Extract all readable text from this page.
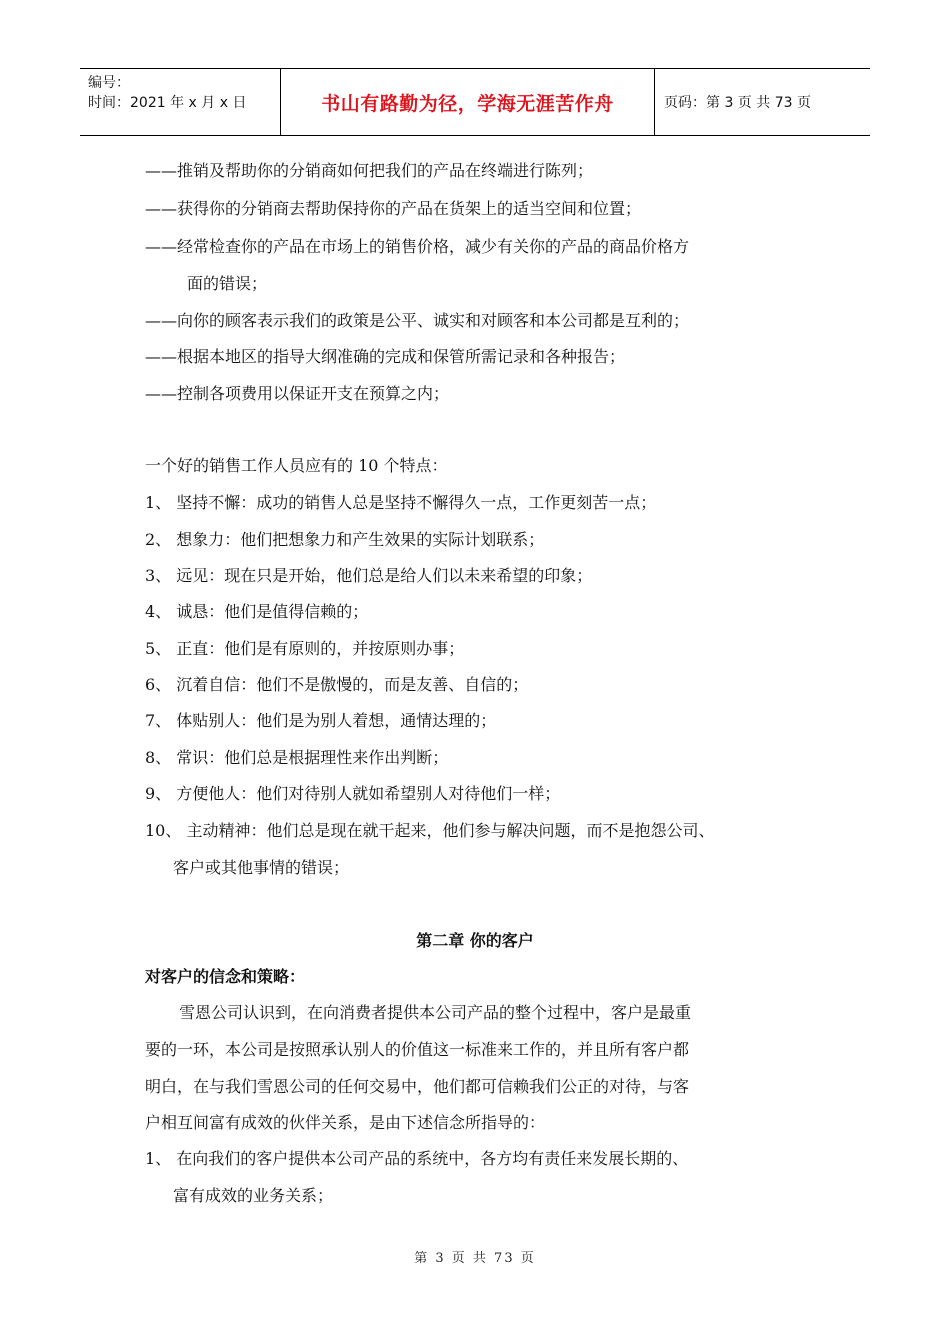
编号：
时间：2021 年 x 月 x 日	书山有路勤为径，学海无涯苦作舟	页码：第 3 页 共 73 页
——推销及帮助你的分销商如何把我们的产品在终端进行陈列；
——获得你的分销商去帮助保持你的产品在货架上的适当空间和位置；
——经常检查你的产品在市场上的销售价格，减少有关你的产品的商品价格方
面的错误；
——向你的顾客表示我们的政策是公平、诚实和对顾客和本公司都是互利的；
——根据本地区的指导大纲准确的完成和保管所需记录和各种报告；
——控制各项费用以保证开支在预算之内；
一个好的销售工作人员应有的 10 个特点：
1、 坚持不懈：成功的销售人总是坚持不懈得久一点，工作更刻苦一点；
2、 想象力：他们把想象力和产生效果的实际计划联系；
3、 远见：现在只是开始，他们总是给人们以未来希望的印象；
4、 诚恳：他们是值得信赖的；
5、 正直：他们是有原则的，并按原则办事；
6、 沉着自信：他们不是傲慢的，而是友善、自信的；
7、 体贴别人：他们是为别人着想，通情达理的；
8、 常识：他们总是根据理性来作出判断；
9、 方便他人：他们对待别人就如希望别人对待他们一样；
10、 主动精神：他们总是现在就干起来，他们参与解决问题，而不是抱怨公司、
客户或其他事情的错误；
第二章 你的客户
对客户的信念和策略：
雪恩公司认识到，在向消费者提供本公司产品的整个过程中，客户是最重
要的一环，本公司是按照承认别人的价值这一标准来工作的，并且所有客户都
明白，在与我们雪恩公司的任何交易中，他们都可信赖我们公正的对待，与客
户相互间富有成效的伙伴关系，是由下述信念所指导的：
1、 在向我们的客户提供本公司产品的系统中，各方均有责任来发展长期的、
富有成效的业务关系；
第 3 页 共 73 页
